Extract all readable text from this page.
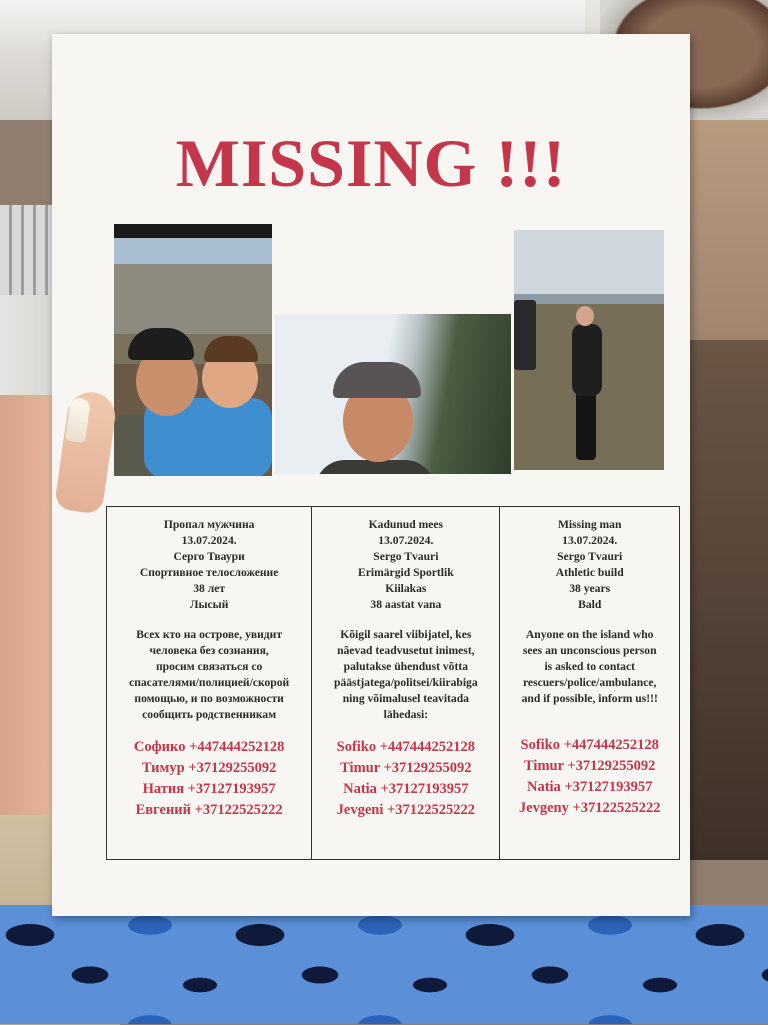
MISSING !!!
Пропал мужчина
13.07.2024.
Серго Тваури
Спортивное телосложение
38 лет
Лысый
Всех кто на острове, увидит
человека без сознания,
просим связаться со
спасателями/полицией/скорой
помощью, и по возможности
сообщить родственникам
Софико +447444252128
Тимур +37129255092
Натия +37127193957
Евгений +37122525222
Kadunud mees
13.07.2024.
Sergo Tvauri
Erimärgid Sportlik
Kiilakas
38 aastat vana
Kõigil saarel viibijatel, kes
nãevad teadvusetut inimest,
palutakse ühendust võtta
päästjatega/politsei/kiirabiga
ning võimalusel teavitada
lähedasi:
Sofiko +447444252128
Timur +37129255092
Natia +37127193957
Jevgeni +37122525222
Missing man
13.07.2024.
Sergo Tvauri
Athletic build
38 years
Bald
Anyone on the island who
sees an unconscious person
is asked to contact
rescuers/police/ambulance,
and if possible, inform us!!!
Sofiko +447444252128
Timur +37129255092
Natia +37127193957
Jevgeny +37122525222
